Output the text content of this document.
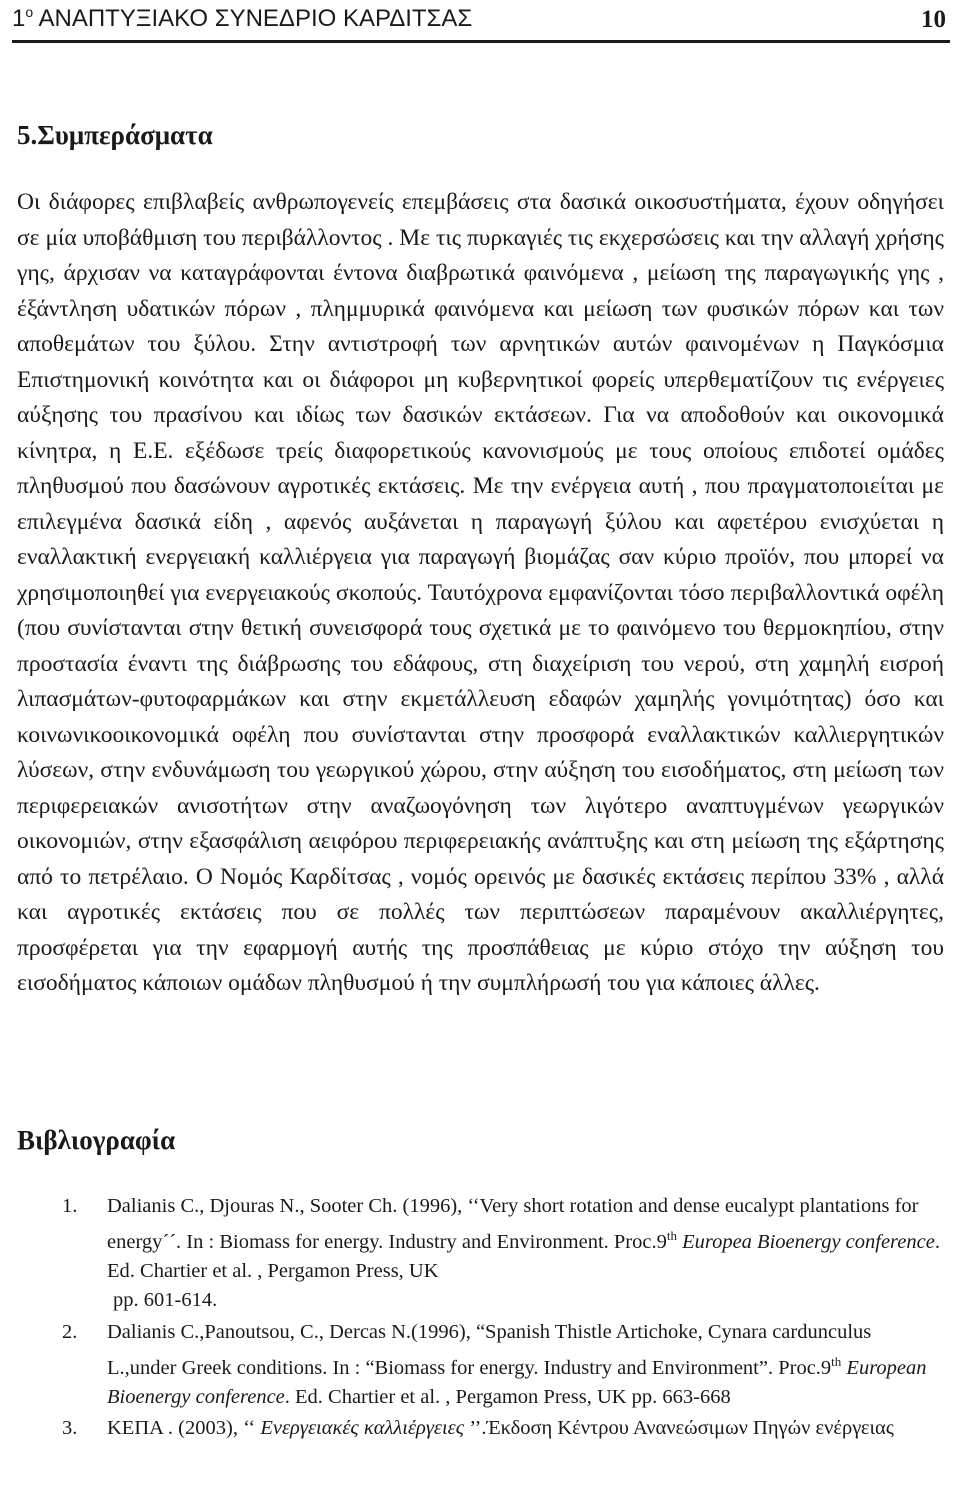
$1^o$ ΑΝΑΠΤΥΞΙΑΚΟ ΣΥΝΕΔΡΙΟ ΚΑΡΔΙΤΣΑΣ	10
5.Συμπεράσματα
Οι διάφορες επιβλαβείς ανθρωπογενείς επεμβάσεις στα δασικά οικοσυστήματα, έχουν οδηγήσει σε μία υποβάθμιση του περιβάλλοντος . Με τις πυρκαγιές τις εκχερσώσεις και την αλλαγή χρήσης γης, άρχισαν να καταγράφονται έντονα διαβρωτικά φαινόμενα , μείωση της παραγωγικής γης , έξάντληση υδατικών πόρων , πλημμυρικά φαινόμενα και μείωση των φυσικών πόρων και των αποθεμάτων του ξύλου. Στην αντιστροφή των αρνητικών αυτών φαινομένων η Παγκόσμια Επιστημονική κοινότητα και οι διάφοροι μη κυβερνητικοί φορείς υπερθεματίζουν τις ενέργειες αύξησης του πρασίνου και ιδίως των δασικών εκτάσεων. Για να αποδοθούν και οικονομικά κίνητρα, η Ε.Ε. εξέδωσε τρείς διαφορετικούς κανονισμούς με τους οποίους επιδοτεί ομάδες πληθυσμού που δασώνουν αγροτικές εκτάσεις. Με την ενέργεια αυτή , που πραγματοποιείται με επιλεγμένα δασικά είδη , αφενός αυξάνεται η παραγωγή ξύλου και αφετέρου ενισχύεται η εναλλακτική ενεργειακή καλλιέργεια για παραγωγή βιομάζας σαν κύριο προϊόν, που μπορεί να χρησιμοποιηθεί για ενεργειακούς σκοπούς. Ταυτόχρονα εμφανίζονται τόσο περιβαλλοντικά οφέλη (που συνίστανται στην θετική συνεισφορά τους σχετικά με το φαινόμενο του θερμοκηπίου, στην προστασία έναντι της διάβρωσης του εδάφους, στη διαχείριση του νερού, στη χαμηλή εισροή λιπασμάτων-φυτοφαρμάκων και στην εκμετάλλευση εδαφών χαμηλής γονιμότητας) όσο και κοινωνικοοικονομικά οφέλη που συνίστανται στην προσφορά εναλλακτικών καλλιεργητικών λύσεων, στην ενδυνάμωση του γεωργικού χώρου, στην αύξηση του εισοδήματος, στη μείωση των περιφερειακών ανισοτήτων στην αναζωογόνηση των λιγότερο αναπτυγμένων γεωργικών οικονομιών, στην εξασφάλιση αειφόρου περιφερειακής ανάπτυξης και στη μείωση της εξάρτησης από το πετρέλαιο. Ο Νομός Καρδίτσας , νομός ορεινός με δασικές εκτάσεις περίπου 33% , αλλά και αγροτικές εκτάσεις που σε πολλές των περιπτώσεων παραμένουν ακαλλιέργητες, προσφέρεται για την εφαρμογή αυτής της προσπάθειας με κύριο στόχο την αύξηση του εισοδήματος κάποιων ομάδων πληθυσμού ή την συμπλήρωσή του για κάποιες άλλες.
Βιβλιογραφία
1. Dalianis C., Djouras N., Sooter Ch. (1996), ‘‘Very short rotation and dense eucalypt plantations for energy´´. In : Biomass for energy. Industry and Environment. Proc.9th Europea Bioenergy conference. Ed. Chartier et al. , Pergamon Press, UK
pp. 601-614.
2. Dalianis C.,Panoutsou, C., Dercas N.(1996), “Spanish Thistle Artichoke, Cynara cardunculus L.,under Greek conditions. In : “Biomass for energy. Industry and Environment”. Proc.9th European Bioenergy conference. Ed. Chartier et al. , Pergamon Press, UK pp. 663-668
3. ΚΕΠΑ . (2003), ‘‘ Ενεργειακές καλλιέργειες ’’.Έκδοση Κέντρου Ανανεώσιμων Πηγών ενέργειας
